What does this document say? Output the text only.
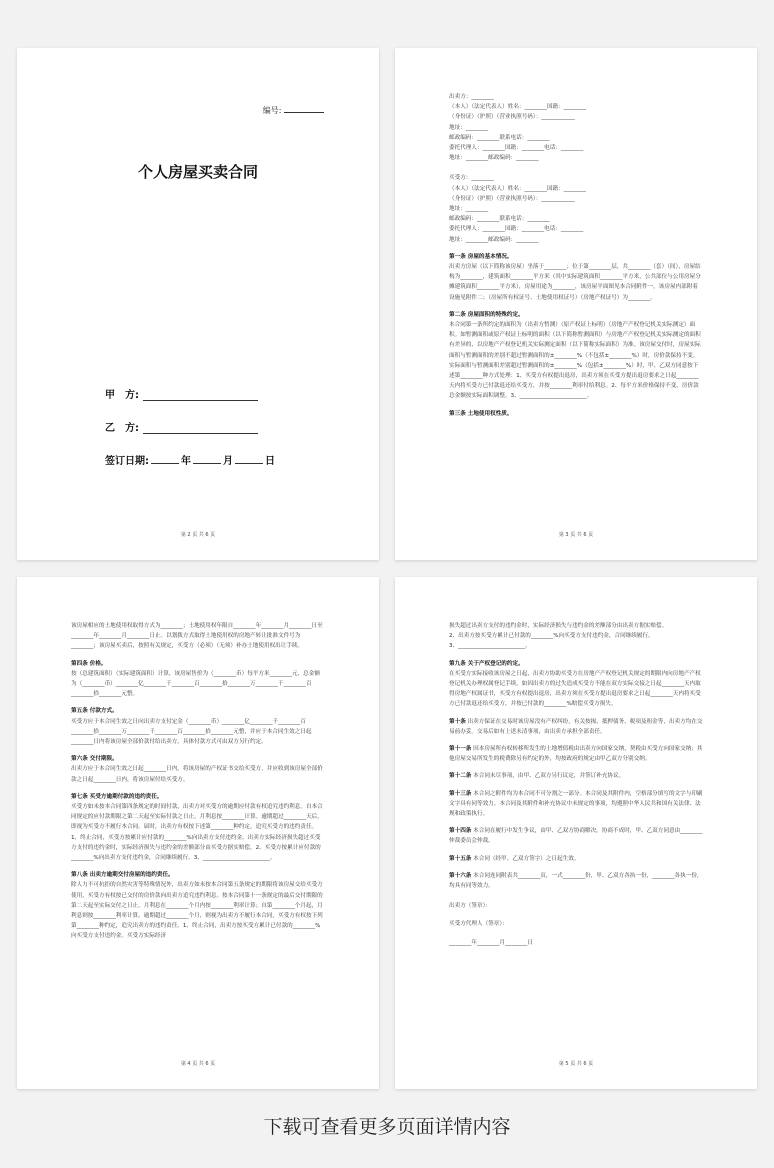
编号:
个人房屋买卖合同
甲　方:
乙　方:
签订日期:	年	月	日
第 2 页 共 6 页

出卖方：________

（本人）（法定代表人）姓名：________国籍：________

（身份证）（护照）（营业执照号码）：____________

地址：________

邮政编码：________联系电话：________

委托代理人：________国籍：________电话：________

地址：________邮政编码：________

买受方：________

（本人）（法定代表人）姓名：________国籍：________

（身份证）（护照）（营业执照号码）：____________

地址：________

邮政编码：________联系电话：________

委托代理人：________国籍：________电话：________

地址：________邮政编码：________

第一条 房屋的基本情况。

出卖方房屋（以下简称该房屋）坐落于________；位于第________层，共________（套）（间），房屋结构为________，建筑面积________平方米（其中实际建筑面积________平方米，公共部位与公用房屋分摊建筑面积________平方米），房屋用途为________，该房屋平面图见本合同附件一，该房屋内部附着设施见附件二；（房屋所有权证号、土地使用权证号）（房地产权证号）为________。

第二条 房屋面积的特殊约定。

本合同第一条所约定的面积为（出卖方暂测）（原产权证上标明）（房地产产权登记机关实际测定）面积。如暂测面积或原产权证上标明的面积（以下简称暂测面积）与房地产产权登记机关实际测定的面积有差异的，以房地产产权登记机关实际测定面积（以下简称实际面积）为准。该房屋交付时，房屋实际面积与暂测面积的差别不超过暂测面积的±________%（不包括±________%）时，房价款保持不变。实际面积与暂测面积差别超过暂测面积的±________%（包括±________%）时，甲、乙双方同意按下述第________种方式处理：1、买受方有权提出退房，出卖方须在买受方提出退房要求之日起________天内将买受方已付款退还给买受方，并按________利率付给利息。2、每平方米价格保持不变，房价款总金额按实际面积调整。3、________________________。

第三条 土地使用权性质。

第 3 页 共 6 页

该房屋相应的土地使用权取得方式为________；土地使用权年限自________年________月________日至________年________月________日止。以划拨方式取得土地使用权的房地产转让批准文件号为________；该房屋买卖后，按照有关规定，买受方（必须）（无须）补办土地使用权出让手续。

第四条 价格。

按（总建筑面积）（实际建筑面积）计算，该房屋售价为（________币）每平方米________元，总金额为（________币）________亿________千________百________拾________万________千________百________拾________元整。

第五条 付款方式。

买受方应于本合同生效之日向出卖方支付定金（________币）________亿________千________百________拾________万________千________百________拾________元整，并应于本合同生效之日起________日内将该房屋全部价款付给出卖方。具体付款方式可由双方另行约定。

第六条 交付期限。

出卖方应于本合同生效之日起________日内，将该房屋的产权证书交给买受方，并应收到该房屋全部价款之日起________日内，将该房屋付给买受方。

第七条 买受方逾期付款的违约责任。

买受方如未按本合同第四条规定的时间付款，出卖方对买受方的逾期应付款有权追究违约利息。自本合同规定的应付款期限之第二天起至实际付款之日止，月利息按________计算。逾期超过________天后，即视为买受方不履行本合同。届时，出卖方有权按下述第________种约定，追究买受方的违约责任。1、终止合同，买受方按累计应付款的________%向出卖方支付违约金。出卖方实际经济损失超过买受方支付的违约金时，实际经济损失与违约金的差额部分由买受方据实赔偿。2、买受方按累计应付款的________%向出卖方支付违约金，合同继续履行。3、________________________。

第八条 出卖方逾期交付房屋的违约责任。

除人力不可抗拒的自然灾害等特殊情况外，出卖方如未按本合同第五条规定的期限将该房屋交给买受方使用，买受方有权按已交付的房价款向出卖方追究违约利息。按本合同第十一条规定的最后交付期限的第二天起至实际交付之日止，月利息在________个月内按________利率计算；自第________个月起，月利息则按________利率计算。逾期超过________个月，则视为出卖方不履行本合同，买受方有权按下列第________种约定，追究出卖方的违约责任。1、终止合同，出卖方按买受方累计已付款的________%向买受方支付违约金。买受方实际经济

第 4 页 共 6 页

损失超过出卖方支付的违约金时，实际经济损失与违约金的差额部分由出卖方据实赔偿。

2、出卖方按买受方累计已付款的________%向买受方支付违约金，合同继续履行。

3、________________________。

第九条 关于产权登记的约定。

在买受方实际接收该房屋之日起，出卖方协助买受方在房地产产权登记机关规定的期限内向房地产产权登记机关办理权属登记手续。如因出卖方的过失造成买受方不能在双方实际交接之日起________天内取得房地产权属证书，买受方有权提出退房，出卖方须在买受方提出退房要求之日起________天内将买受方已付款退还给买受方，并按已付款的________%赔偿买受方损失。

第十条 出卖方保证在交易时该房屋没有产权纠纷，有关按揭、抵押债务、税项及租金等，出卖方均在交易前办妥。交易后如有上述未清事项，由出卖方承担全部责任。

第十一条 因本房屋所有权转移所发生的土地增值税由出卖方向国家交纳，契税由买受方向国家交纳；其他房屋交易所发生的税费除另有约定的外，均按政府的规定由甲乙双方分别交纳。

第十二条 本合同未尽事项，由甲、乙双方另行议定，并签订补充协议。

第十三条 本合同之附件均为本合同不可分割之一部分。本合同及其附件内，空格部分填写的文字与印刷文字具有同等效力。本合同及其附件和补充协议中未规定的事项，均遵照中华人民共和国有关法律、法规和政策执行。

第十四条 本合同在履行中发生争议，由甲、乙双方协商解决。协商不成时，甲、乙双方同意由________仲裁委员会仲裁。

第十五条 本合同（经甲、乙双方签字）之日起生效。

第十六条 本合同连同附表共________页，一式________份，甲、乙双方各执一份，________各执一份，均具有同等效力。

出卖方（签章）：

买受方代理人（签章）：

________年________月________日

第 5 页 共 6 页
下载可查看更多页面详情内容
